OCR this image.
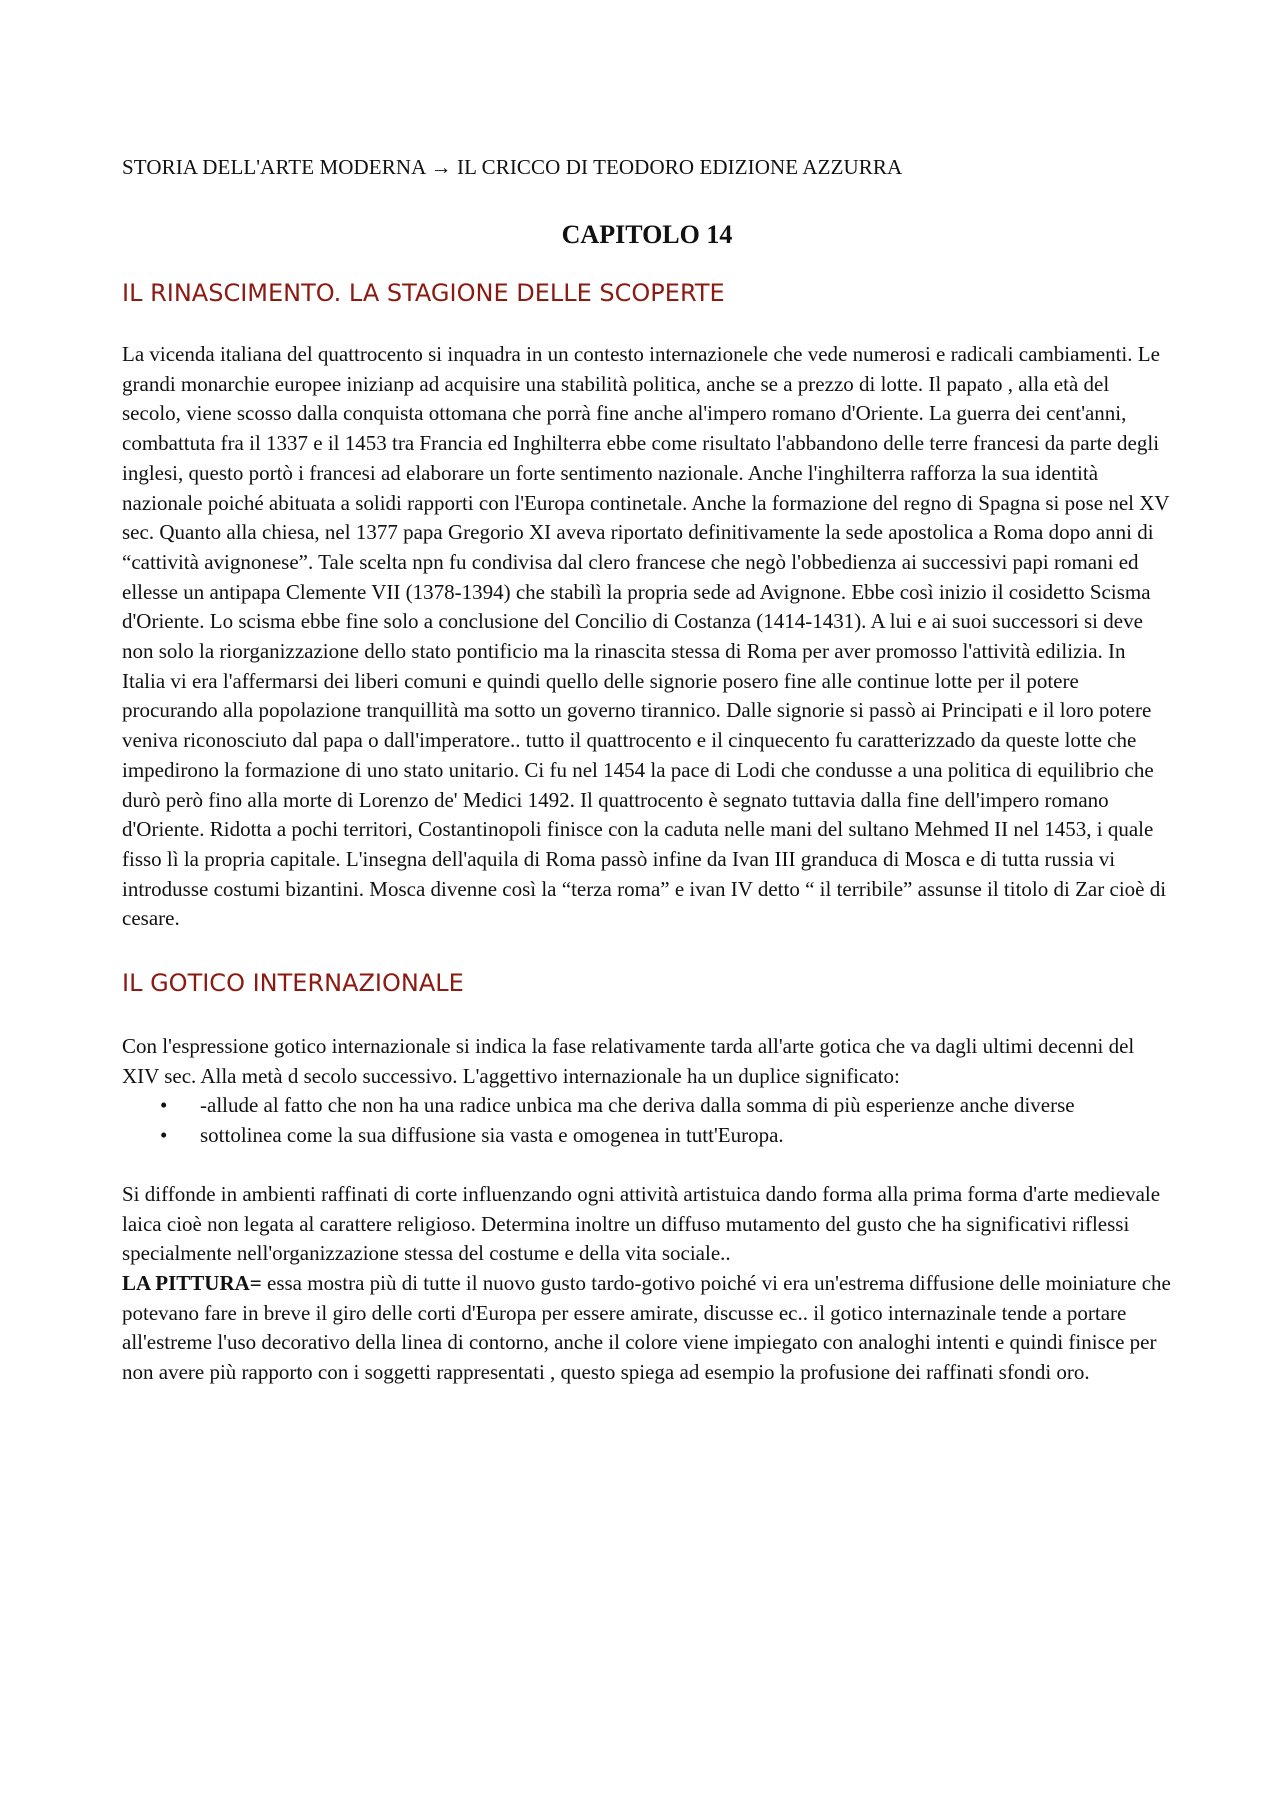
STORIA DELL'ARTE MODERNA → IL CRICCO DI TEODORO EDIZIONE AZZURRA

CAPITOLO 14
IL RINASCIMENTO. LA STAGIONE DELLE SCOPERTE

La vicenda italiana del quattrocento si inquadra in un contesto internazionele che vede numerosi e radicali cambiamenti. Le grandi monarchie europee inizianp ad acquisire una stabilità politica, anche se a prezzo di lotte. Il papato , alla età del secolo, viene scosso dalla conquista ottomana che porrà fine anche al'impero romano d'Oriente. La guerra dei cent'anni, combattuta fra il 1337 e il 1453 tra Francia ed Inghilterra ebbe come risultato l'abbandono delle terre francesi da parte degli inglesi, questo portò i francesi ad elaborare un forte sentimento nazionale. Anche l'inghilterra rafforza la sua identità nazionale poiché abituata a solidi rapporti con l'Europa continetale. Anche la formazione del regno di Spagna si pose nel XV sec. Quanto alla chiesa, nel 1377 papa Gregorio XI aveva riportato definitivamente la sede apostolica a Roma dopo anni di “cattività avignonese”. Tale scelta npn fu condivisa dal clero francese che negò l'obbedienza ai successivi papi romani ed ellesse un antipapa Clemente VII (1378-1394) che stabilì la propria sede ad Avignone. Ebbe così inizio il cosidetto Scisma d'Oriente. Lo scisma ebbe fine solo a conclusione del Concilio di Costanza (1414-1431). A lui e ai suoi successori si deve non solo la riorganizzazione dello stato pontificio ma la rinascita stessa di Roma per aver promosso l'attività edilizia. In Italia vi era l'affermarsi dei liberi comuni e quindi quello delle signorie posero fine alle continue lotte per il potere procurando alla popolazione tranquillità ma sotto un governo tirannico. Dalle signorie si passò ai Principati e il loro potere veniva riconosciuto dal papa o dall'imperatore.. tutto il quattrocento e il cinquecento fu caratterizzado da queste lotte che impedirono la formazione di uno stato unitario. Ci fu nel 1454 la pace di Lodi che condusse a una politica di equilibrio che durò però fino alla morte di Lorenzo de' Medici 1492. Il quattrocento è segnato tuttavia dalla fine dell'impero romano d'Oriente. Ridotta a pochi territori, Costantinopoli finisce con la caduta nelle mani del sultano Mehmed II nel 1453, i quale fisso lì la propria capitale. L'insegna dell'aquila di Roma passò infine da Ivan III granduca di Mosca e di tutta russia vi introdusse costumi bizantini. Mosca divenne così la “terza roma” e ivan IV detto “ il terribile” assunse il titolo di Zar cioè di cesare.

IL GOTICO INTERNAZIONALE

Con l'espressione gotico internazionale si indica la fase relativamente tarda all'arte gotica che va dagli ultimi decenni del XIV sec. Alla metà d secolo successivo. L'aggettivo internazionale ha un duplice significato:

• -allude al fatto che non ha una radice unbica ma che deriva dalla somma di più esperienze anche diverse
• sottolinea come la sua diffusione sia vasta e omogenea in tutt'Europa.

Si diffonde in ambienti raffinati di corte influenzando ogni attività artistuica dando forma alla prima forma d'arte medievale laica cioè non legata al carattere religioso. Determina inoltre un diffuso mutamento del gusto che ha significativi riflessi specialmente nell'organizzazione stessa del costume e della vita sociale..

LA PITTURA= essa mostra più di tutte il nuovo gusto tardo-gotivo poiché vi era un'estrema diffusione delle moiniature che potevano fare in breve il giro delle corti d'Europa per essere amirate, discusse ec.. il gotico internazinale tende a portare all'estreme l'uso decorativo della linea di contorno, anche il colore viene impiegato con analoghi intenti e quindi finisce per non avere più rapporto con i soggetti rappresentati , questo spiega ad esempio la profusione dei raffinati sfondi oro.
